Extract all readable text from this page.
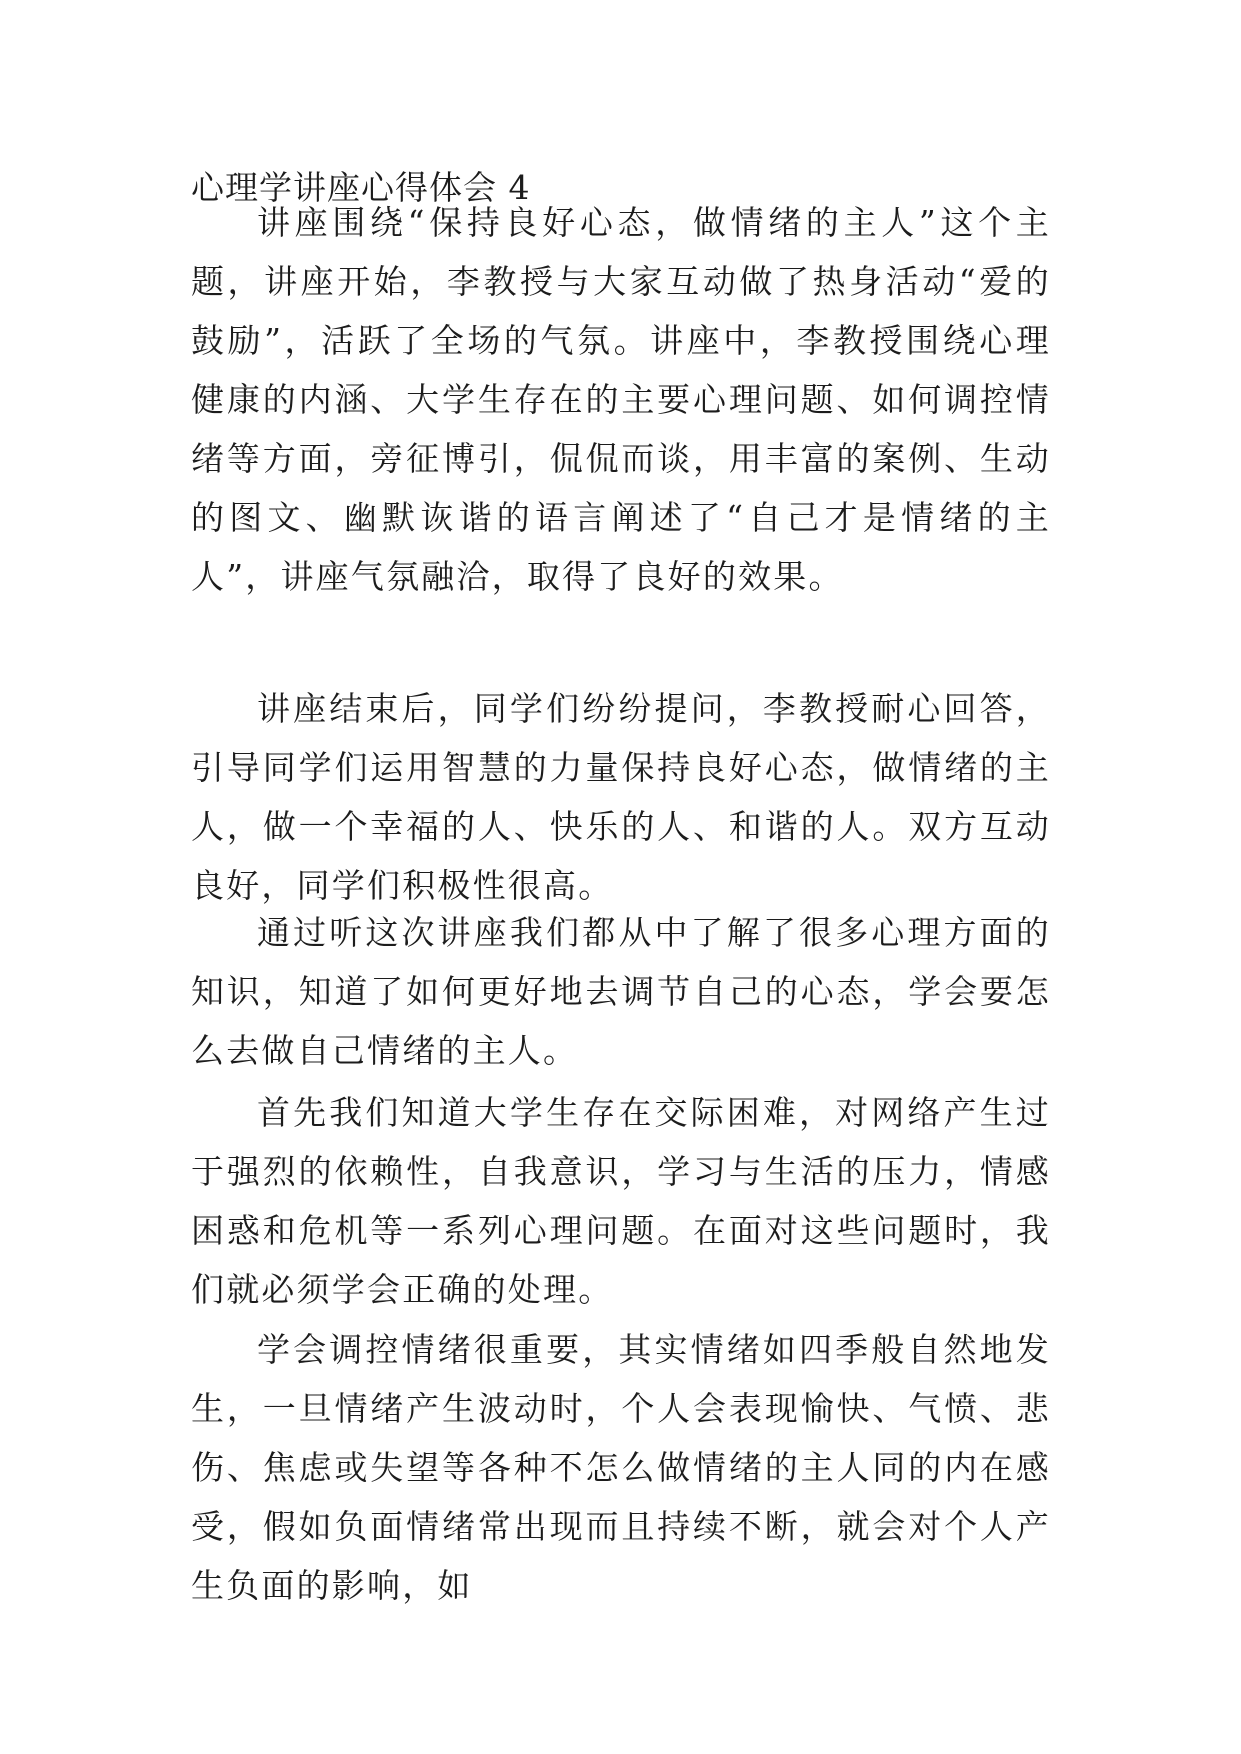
心理学讲座心得体会 4
讲座围绕“保持良好心态，做情绪的主人”这个主题，讲座开始，李教授与大家互动做了热身活动“爱的鼓励”，活跃了全场的气氛。讲座中，李教授围绕心理健康的内涵、大学生存在的主要心理问题、如何调控情绪等方面，旁征博引，侃侃而谈，用丰富的案例、生动的图文、幽默诙谐的语言阐述了“自己才是情绪的主人”，讲座气氛融洽，取得了良好的效果。
讲座结束后，同学们纷纷提问，李教授耐心回答，引导同学们运用智慧的力量保持良好心态，做情绪的主人，做一个幸福的人、快乐的人、和谐的人。双方互动良好，同学们积极性很高。
通过听这次讲座我们都从中了解了很多心理方面的知识，知道了如何更好地去调节自己的心态，学会要怎么去做自己情绪的主人。
首先我们知道大学生存在交际困难，对网络产生过于强烈的依赖性，自我意识，学习与生活的压力，情感困惑和危机等一系列心理问题。在面对这些问题时，我们就必须学会正确的处理。
学会调控情绪很重要，其实情绪如四季般自然地发生，一旦情绪产生波动时，个人会表现愉快、气愤、悲伤、焦虑或失望等各种不怎么做情绪的主人同的内在感受，假如负面情绪常出现而且持续不断，就会对个人产生负面的影响，如
